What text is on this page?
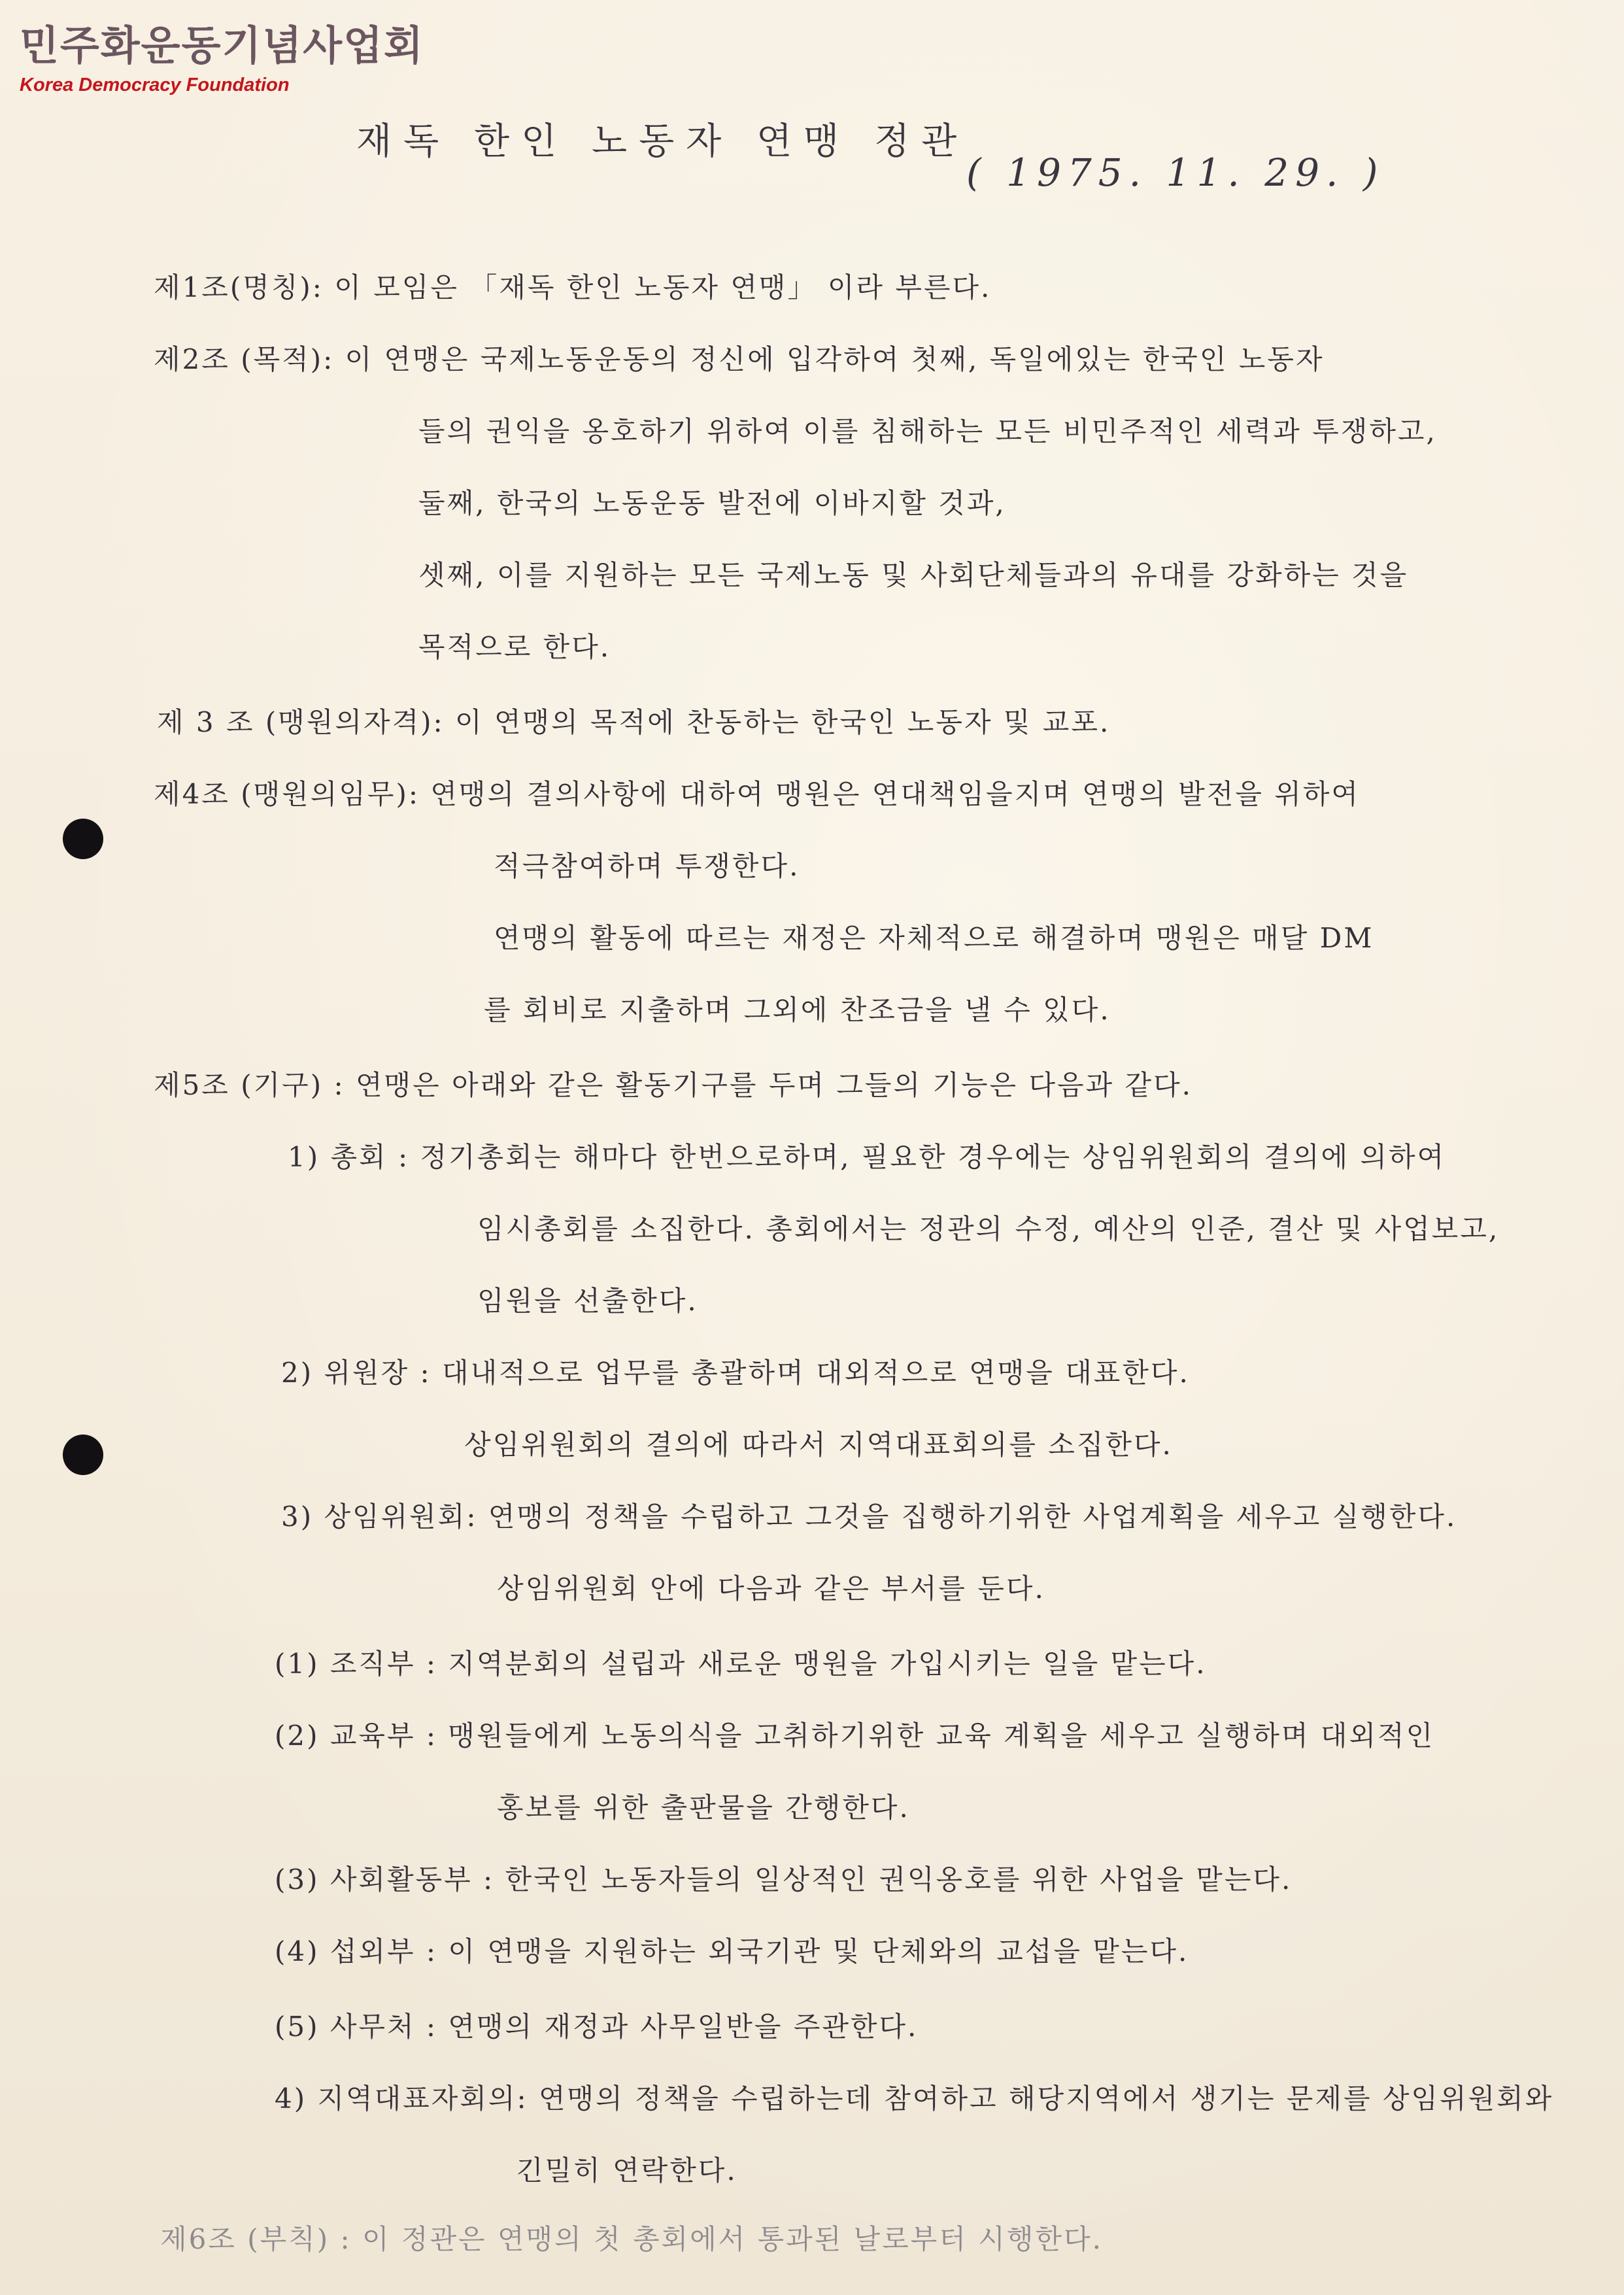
민주화운동기념사업회
Korea Democracy Foundation
재독 한인 노동자 연맹 정관
( 1975. 11. 29. )
제1조(명칭): 이 모임은 「재독 한인 노동자 연맹」 이라 부른다.
제2조 (목적): 이 연맹은 국제노동운동의 정신에 입각하여 첫째, 독일에있는 한국인 노동자
들의 권익을 옹호하기 위하여 이를 침해하는 모든 비민주적인 세력과 투쟁하고,
둘째, 한국의 노동운동 발전에 이바지할 것과,
셋째, 이를 지원하는 모든 국제노동 및 사회단체들과의 유대를 강화하는 것을
목적으로 한다.
제 3 조 (맹원의자격): 이 연맹의 목적에 찬동하는 한국인 노동자 및 교포.
제4조 (맹원의임무): 연맹의 결의사항에 대하여 맹원은 연대책임을지며 연맹의 발전을 위하여
적극참여하며 투쟁한다.
연맹의 활동에 따르는 재정은 자체적으로 해결하며 맹원은 매달 DM
를 회비로 지출하며 그외에 찬조금을 낼 수 있다.
제5조 (기구) : 연맹은 아래와 같은 활동기구를 두며 그들의 기능은 다음과 같다.
1) 총회 : 정기총회는 해마다 한번으로하며, 필요한 경우에는 상임위원회의 결의에 의하여
임시총회를 소집한다. 총회에서는 정관의 수정, 예산의 인준, 결산 및 사업보고,
임원을 선출한다.
2) 위원장 : 대내적으로 업무를 총괄하며 대외적으로 연맹을 대표한다.
상임위원회의 결의에 따라서 지역대표회의를 소집한다.
3) 상임위원회: 연맹의 정책을 수립하고 그것을 집행하기위한 사업계획을 세우고 실행한다.
상임위원회 안에 다음과 같은 부서를 둔다.
(1) 조직부 : 지역분회의 설립과 새로운 맹원을 가입시키는 일을 맡는다.
(2) 교육부 : 맹원들에게 노동의식을 고취하기위한 교육 계획을 세우고 실행하며 대외적인
홍보를 위한 출판물을 간행한다.
(3) 사회활동부 : 한국인 노동자들의 일상적인 권익옹호를 위한 사업을 맡는다.
(4) 섭외부 : 이 연맹을 지원하는 외국기관 및 단체와의 교섭을 맡는다.
(5) 사무처 : 연맹의 재정과 사무일반을 주관한다.
4) 지역대표자회의: 연맹의 정책을 수립하는데 참여하고 해당지역에서 생기는 문제를 상임위원회와
긴밀히 연락한다.
제6조 (부칙) : 이 정관은 연맹의 첫 총회에서 통과된 날로부터 시행한다.
